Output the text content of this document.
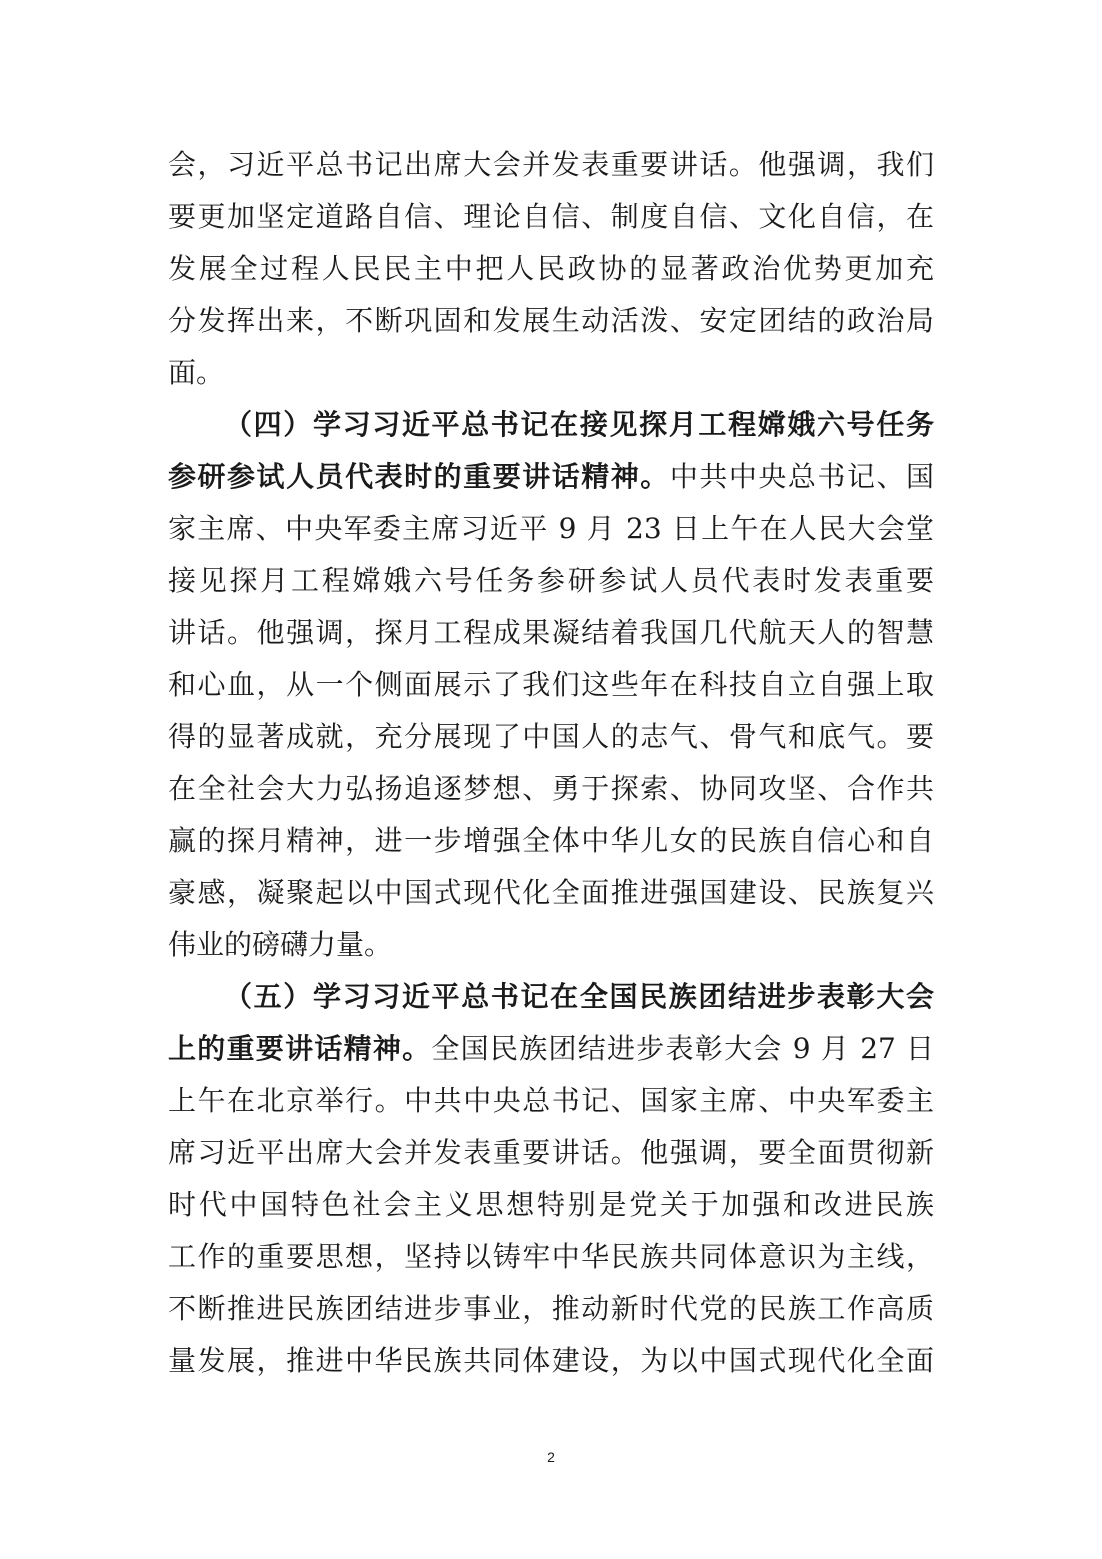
会，习近平总书记出席大会并发表重要讲话。他强调，我们
要更加坚定道路自信、理论自信、制度自信、文化自信，在
发展全过程人民民主中把人民政协的显著政治优势更加充
分发挥出来，不断巩固和发展生动活泼、安定团结的政治局
面。
（四）学习习近平总书记在接见探月工程嫦娥六号任务
参研参试人员代表时的重要讲话精神。中共中央总书记、国
家主席、中央军委主席习近平 9 月 23 日上午在人民大会堂
接见探月工程嫦娥六号任务参研参试人员代表时发表重要
讲话。他强调，探月工程成果凝结着我国几代航天人的智慧
和心血，从一个侧面展示了我们这些年在科技自立自强上取
得的显著成就，充分展现了中国人的志气、骨气和底气。要
在全社会大力弘扬追逐梦想、勇于探索、协同攻坚、合作共
赢的探月精神，进一步增强全体中华儿女的民族自信心和自
豪感，凝聚起以中国式现代化全面推进强国建设、民族复兴
伟业的磅礴力量。
（五）学习习近平总书记在全国民族团结进步表彰大会
上的重要讲话精神。全国民族团结进步表彰大会 9 月 27 日
上午在北京举行。中共中央总书记、国家主席、中央军委主
席习近平出席大会并发表重要讲话。他强调，要全面贯彻新
时代中国特色社会主义思想特别是党关于加强和改进民族
工作的重要思想，坚持以铸牢中华民族共同体意识为主线，
不断推进民族团结进步事业，推动新时代党的民族工作高质
量发展，推进中华民族共同体建设，为以中国式现代化全面
2
